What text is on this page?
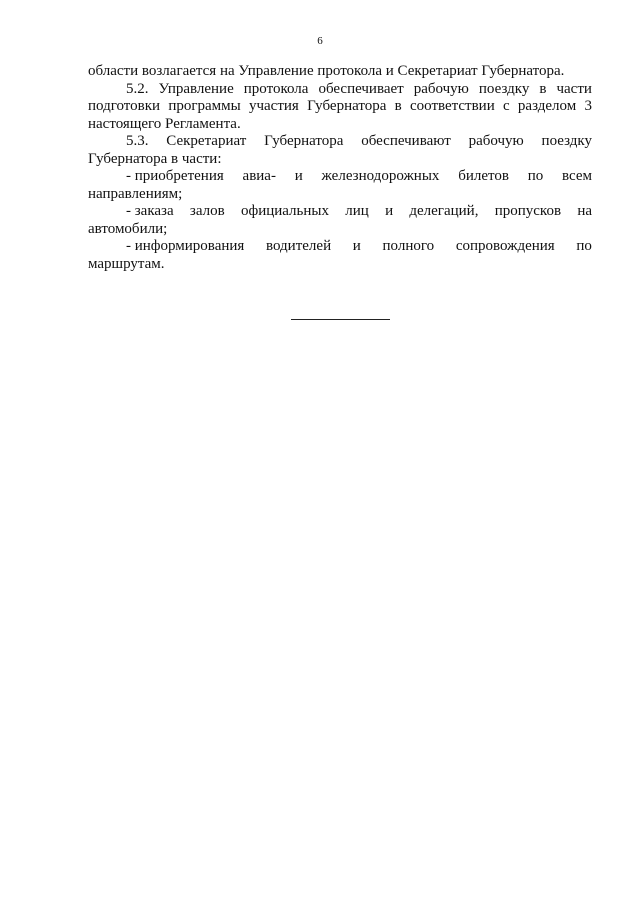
6
области возлагается на Управление протокола и Секретариат Губернатора.
5.2. Управление протокола обеспечивает рабочую поездку в части
подготовки программы участия Губернатора в соответствии с разделом 3
настоящего Регламента.
5.3. Секретариат Губернатора обеспечивают рабочую поездку
Губернатора в части:
- приобретения авиа- и железнодорожных билетов по всем
направлениям;
- заказа залов официальных лиц и делегаций, пропусков на
автомобили;
- информирования водителей и полного сопровождения по
маршрутам.
